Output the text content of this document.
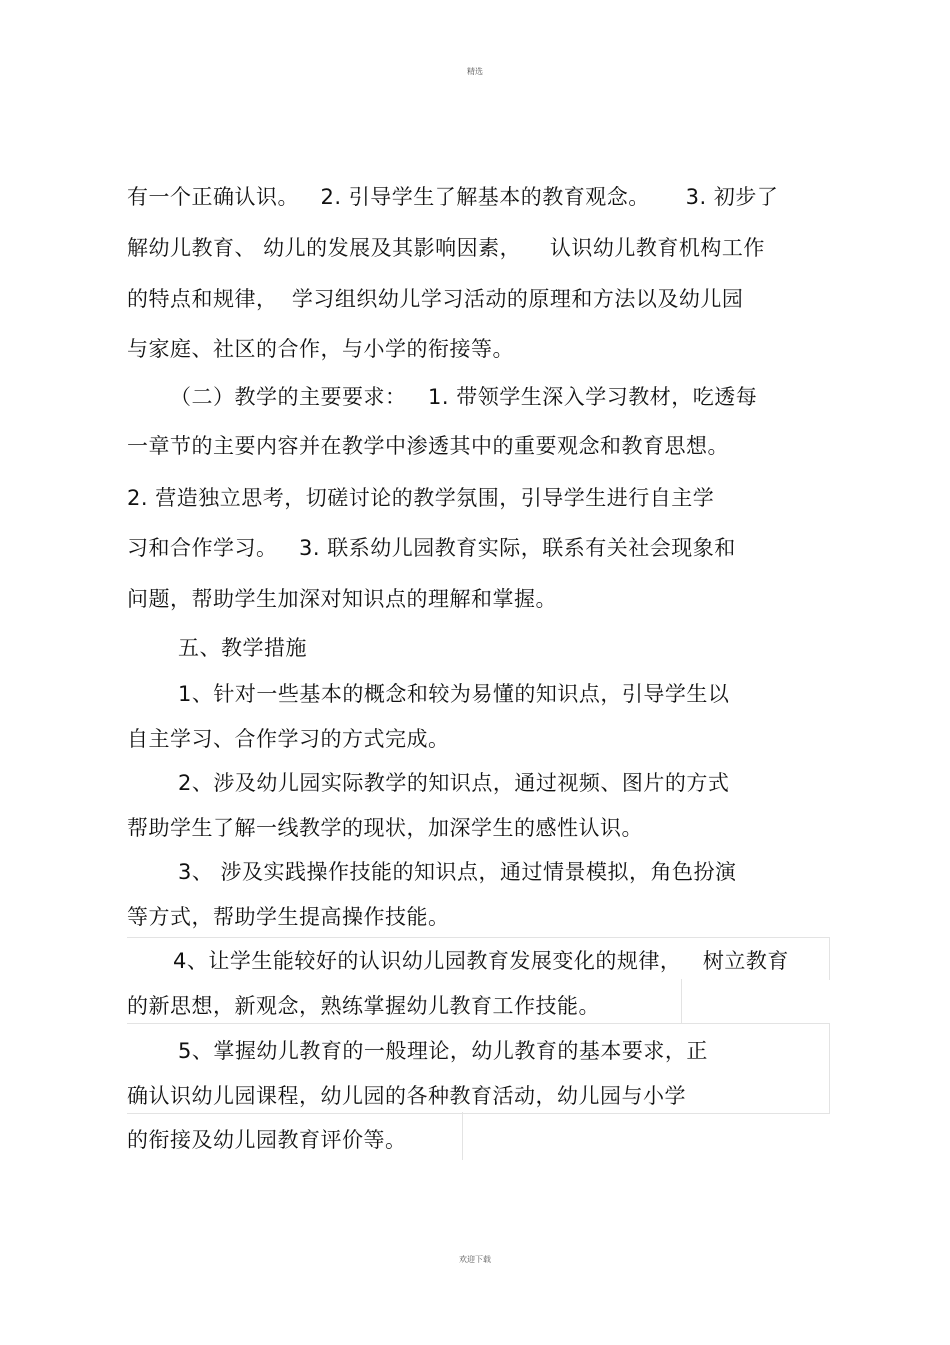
精选
有一个正确认识。   2. 引导学生了解基本的教育观念。     3. 初步了
解幼儿教育、 幼儿的发展及其影响因素，    认识幼儿教育机构工作
的特点和规律，  学习组织幼儿学习活动的原理和方法以及幼儿园
与家庭、社区的合作，与小学的衔接等。
（二）教学的主要要求：   1. 带领学生深入学习教材，吃透每
一章节的主要内容并在教学中渗透其中的重要观念和教育思想。
2. 营造独立思考，切磋讨论的教学氛围，引导学生进行自主学
习和合作学习。   3. 联系幼儿园教育实际，联系有关社会现象和
问题，帮助学生加深对知识点的理解和掌握。
五、教学措施
1、针对一些基本的概念和较为易懂的知识点，引导学生以
自主学习、合作学习的方式完成。
2、涉及幼儿园实际教学的知识点，通过视频、图片的方式
帮助学生了解一线教学的现状，加深学生的感性认识。
3、 涉及实践操作技能的知识点，通过情景模拟，角色扮演
等方式，帮助学生提高操作技能。
4、让学生能较好的认识幼儿园教育发展变化的规律，   树立教育
的新思想，新观念，熟练掌握幼儿教育工作技能。
5、掌握幼儿教育的一般理论，幼儿教育的基本要求，正
确认识幼儿园课程，幼儿园的各种教育活动，幼儿园与小学
的衔接及幼儿园教育评价等。
欢迎下载
